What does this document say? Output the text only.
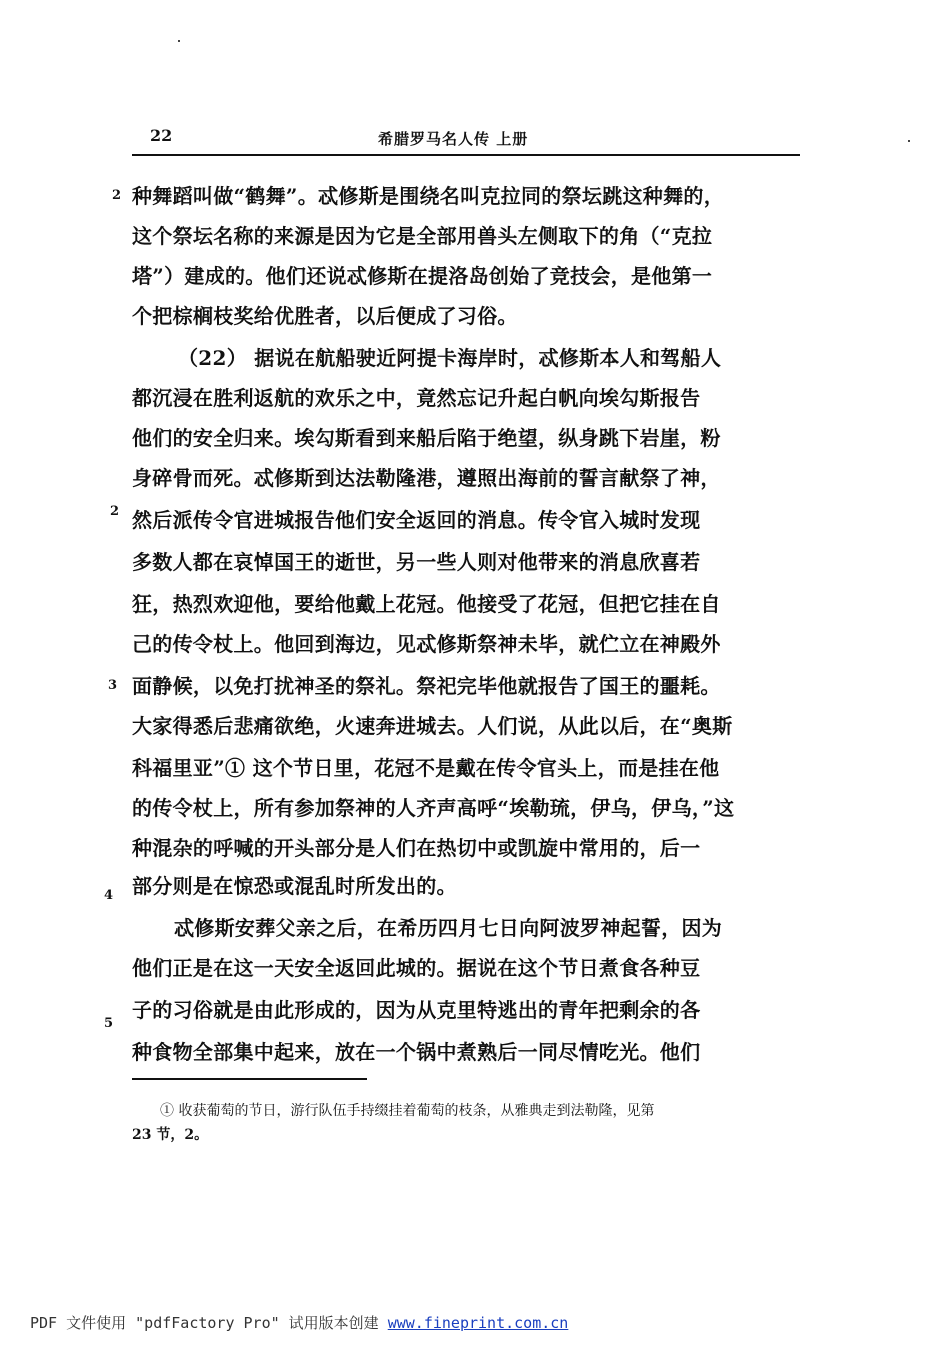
22	希腊罗马名人传 上册
种舞蹈叫做“鹤舞”。忒修斯是围绕名叫克拉同的祭坛跳这种舞的，
这个祭坛名称的来源是因为它是全部用兽头左侧取下的角（“克拉
塔”）建成的。他们还说忒修斯在提洛岛创始了竞技会，是他第一
个把棕榈枝奖给优胜者，以后便成了习俗。
（22） 据说在航船驶近阿提卡海岸时，忒修斯本人和驾船人
都沉浸在胜利返航的欢乐之中，竟然忘记升起白帆向埃勾斯报告
他们的安全归来。埃勾斯看到来船后陷于绝望，纵身跳下岩崖，粉
身碎骨而死。忒修斯到达法勒隆港，遵照出海前的誓言献祭了神，
然后派传令官进城报告他们安全返回的消息。传令官入城时发现
多数人都在哀悼国王的逝世，另一些人则对他带来的消息欣喜若
狂，热烈欢迎他，要给他戴上花冠。他接受了花冠，但把它挂在自
己的传令杖上。他回到海边，见忒修斯祭神未毕，就伫立在神殿外
面静候，以免打扰神圣的祭礼。祭祀完毕他就报告了国王的噩耗。
大家得悉后悲痛欲绝，火速奔进城去。人们说，从此以后，在“奥斯
科福里亚”① 这个节日里，花冠不是戴在传令官头上，而是挂在他
的传令杖上，所有参加祭神的人齐声高呼“埃勒琉，伊乌，伊乌，”这
种混杂的呼喊的开头部分是人们在热切中或凯旋中常用的，后一
部分则是在惊恐或混乱时所发出的。
忒修斯安葬父亲之后，在希历四月七日向阿波罗神起誓，因为
他们正是在这一天安全返回此城的。据说在这个节日煮食各种豆
子的习俗就是由此形成的，因为从克里特逃出的青年把剩余的各
种食物全部集中起来，放在一个锅中煮熟后一同尽情吃光。他们
2
2
3
4
5
① 收获葡萄的节日，游行队伍手持缀挂着葡萄的枝条，从雅典走到法勒隆，见第
23 节，2。
PDF 文件使用 "pdfFactory Pro" 试用版本创建 www.fineprint.com.cn
